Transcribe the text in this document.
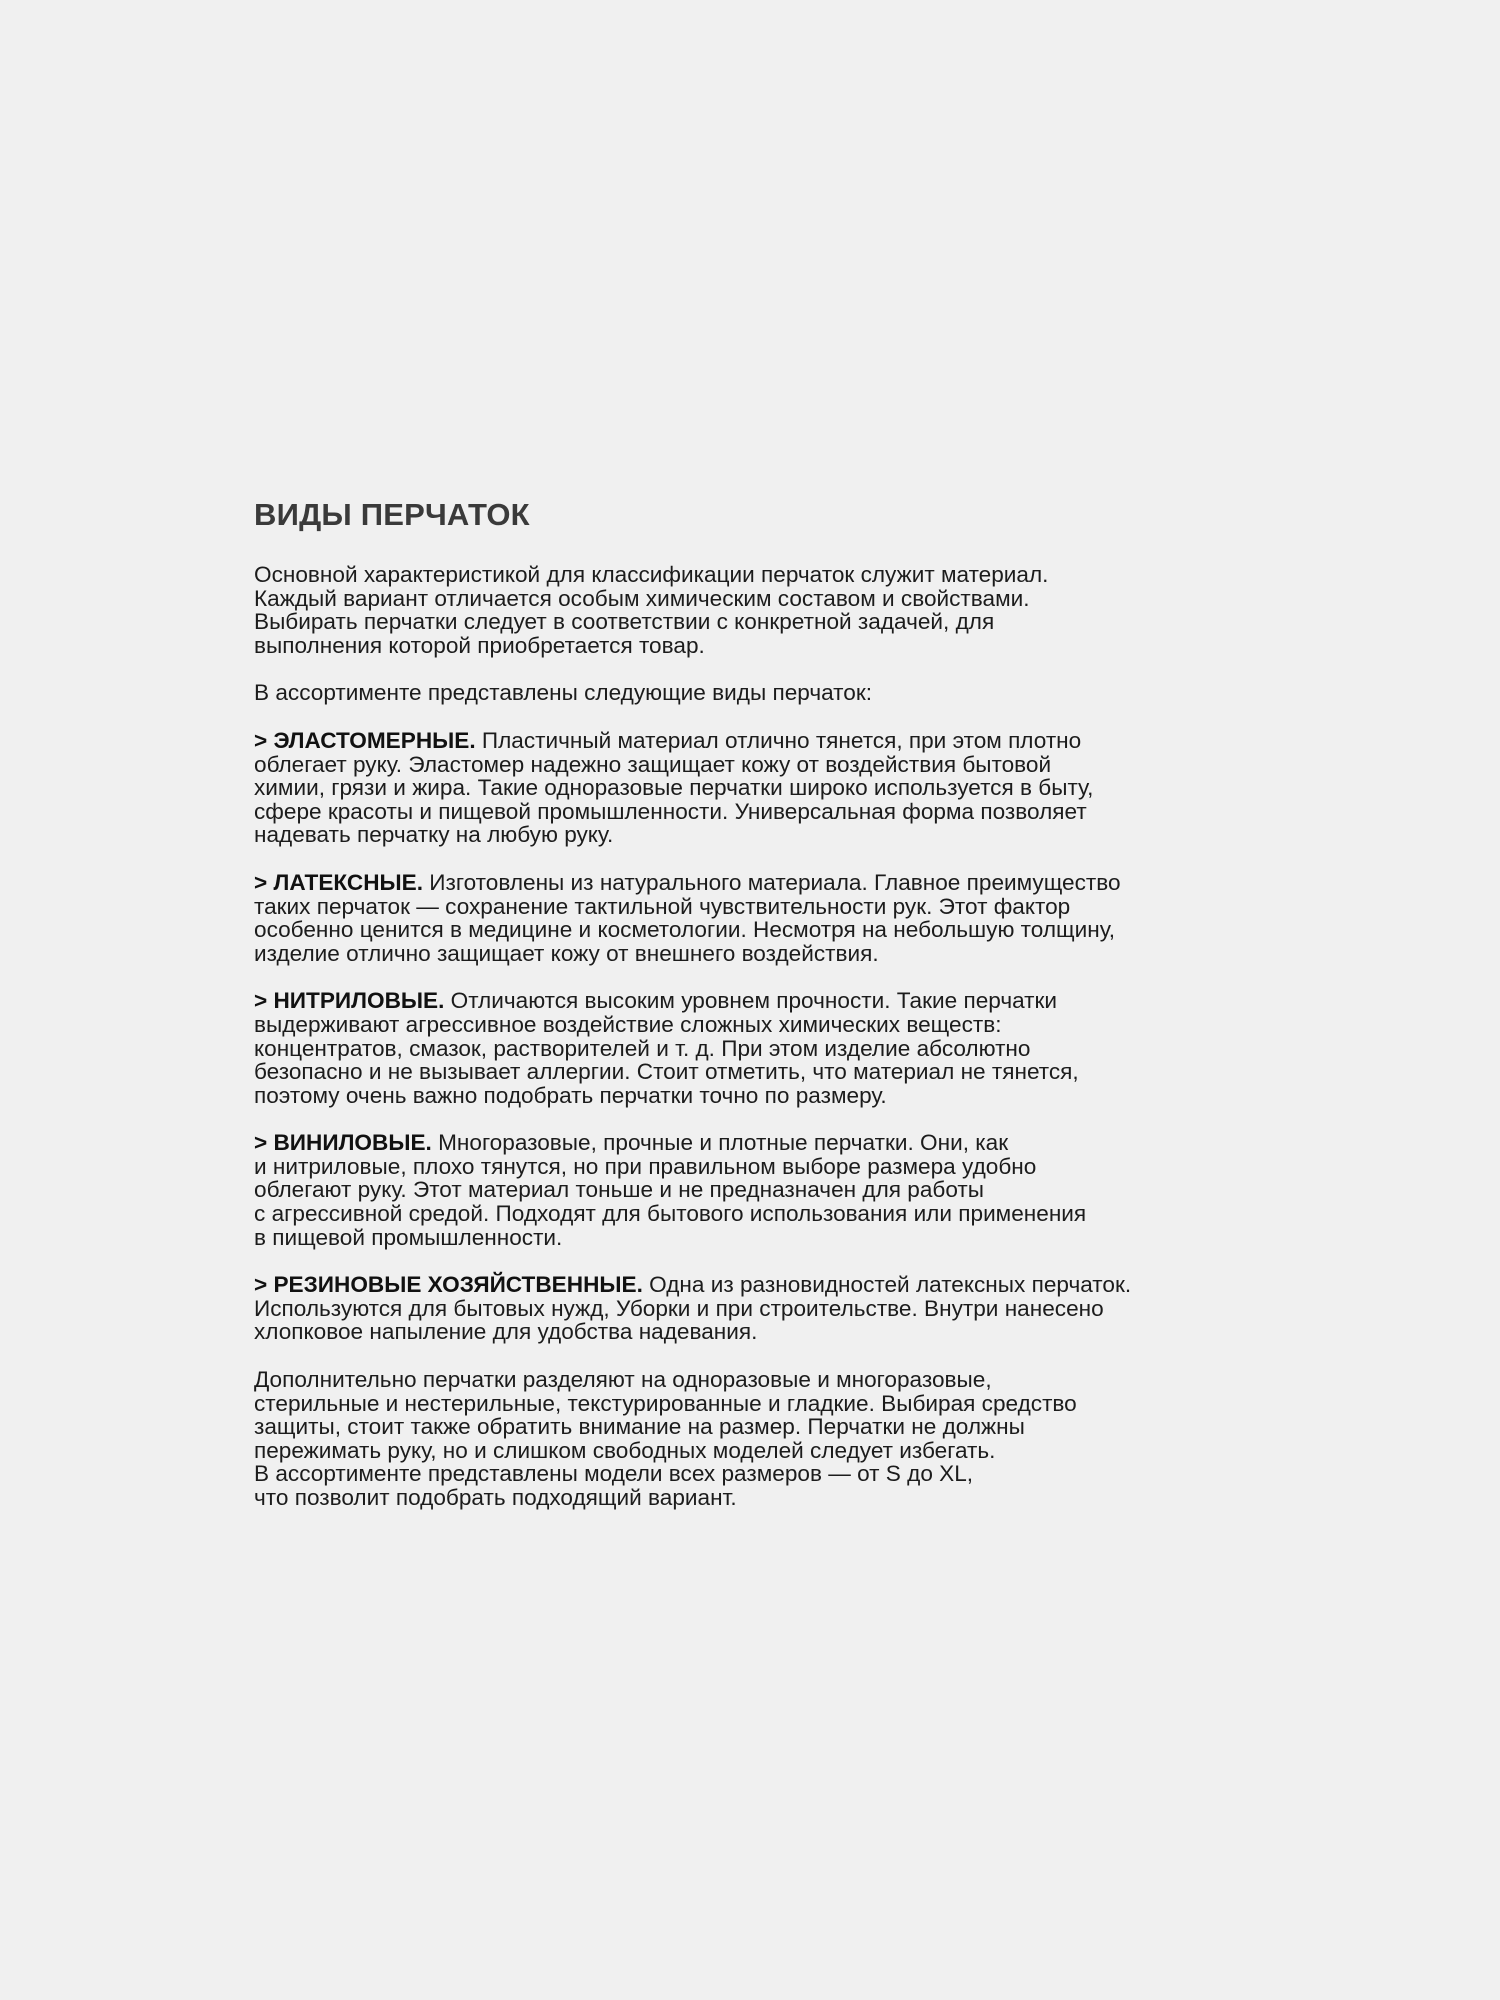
ВИДЫ ПЕРЧАТОК

Основной характеристикой для классификации перчаток служит материал.
Каждый вариант отличается особым химическим составом и свойствами.
Выбирать перчатки следует в соответствии с конкретной задачей, для
выполнения которой приобретается товар.

В ассортименте представлены следующие виды перчаток:

> ЭЛАСТОМЕРНЫЕ. Пластичный материал отлично тянется, при этом плотно
облегает руку. Эластомер надежно защищает кожу от воздействия бытовой
химии, грязи и жира. Такие одноразовые перчатки широко используется в быту,
сфере красоты и пищевой промышленности. Универсальная форма позволяет
надевать перчатку на любую руку.

> ЛАТЕКСНЫЕ. Изготовлены из натурального материала. Главное преимущество
таких перчаток — сохранение тактильной чувствительности рук. Этот фактор
особенно ценится в медицине и косметологии. Несмотря на небольшую толщину,
изделие отлично защищает кожу от внешнего воздействия.

> НИТРИЛОВЫЕ. Отличаются высоким уровнем прочности. Такие перчатки
выдерживают агрессивное воздействие сложных химических веществ:
концентратов, смазок, растворителей и т. д. При этом изделие абсолютно
безопасно и не вызывает аллергии. Стоит отметить, что материал не тянется,
поэтому очень важно подобрать перчатки точно по размеру.

> ВИНИЛОВЫЕ. Многоразовые, прочные и плотные перчатки. Они, как
и нитриловые, плохо тянутся, но при правильном выборе размера удобно
облегают руку. Этот материал тоньше и не предназначен для работы
с агрессивной средой. Подходят для бытового использования или применения
в пищевой промышленности.

> РЕЗИНОВЫЕ ХОЗЯЙСТВЕННЫЕ. Одна из разновидностей латексных перчаток.
Используются для бытовых нужд, Уборки и при строительстве. Внутри нанесено
хлопковое напыление для удобства надевания.

Дополнительно перчатки разделяют на одноразовые и многоразовые,
стерильные и нестерильные, текстурированные и гладкие. Выбирая средство
защиты, стоит также обратить внимание на размер. Перчатки не должны
пережимать руку, но и слишком свободных моделей следует избегать.
В ассортименте представлены модели всех размеров — от S до XL,
что позволит подобрать подходящий вариант.
